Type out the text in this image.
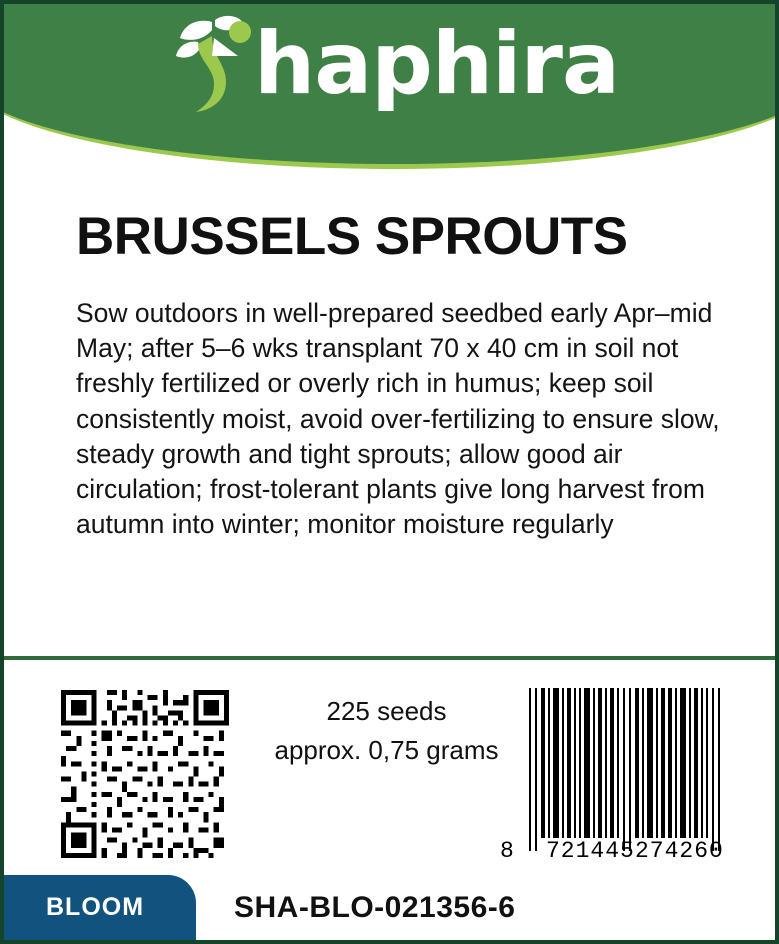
haphira
BRUSSELS SPROUTS
Sow outdoors in well-prepared seedbed early Apr–mid May; after 5–6 wks transplant 70 x 40 cm in soil not freshly fertilized or overly rich in humus; keep soil consistently moist, avoid over-fertilizing to ensure slow, steady growth and tight sprouts; allow good air circulation; frost-tolerant plants give long harvest from autumn into winter; monitor moisture regularly
225 seeds
approx. 0,75 grams
8 721445 274260
BLOOM	SHA-BLO-021356-6
